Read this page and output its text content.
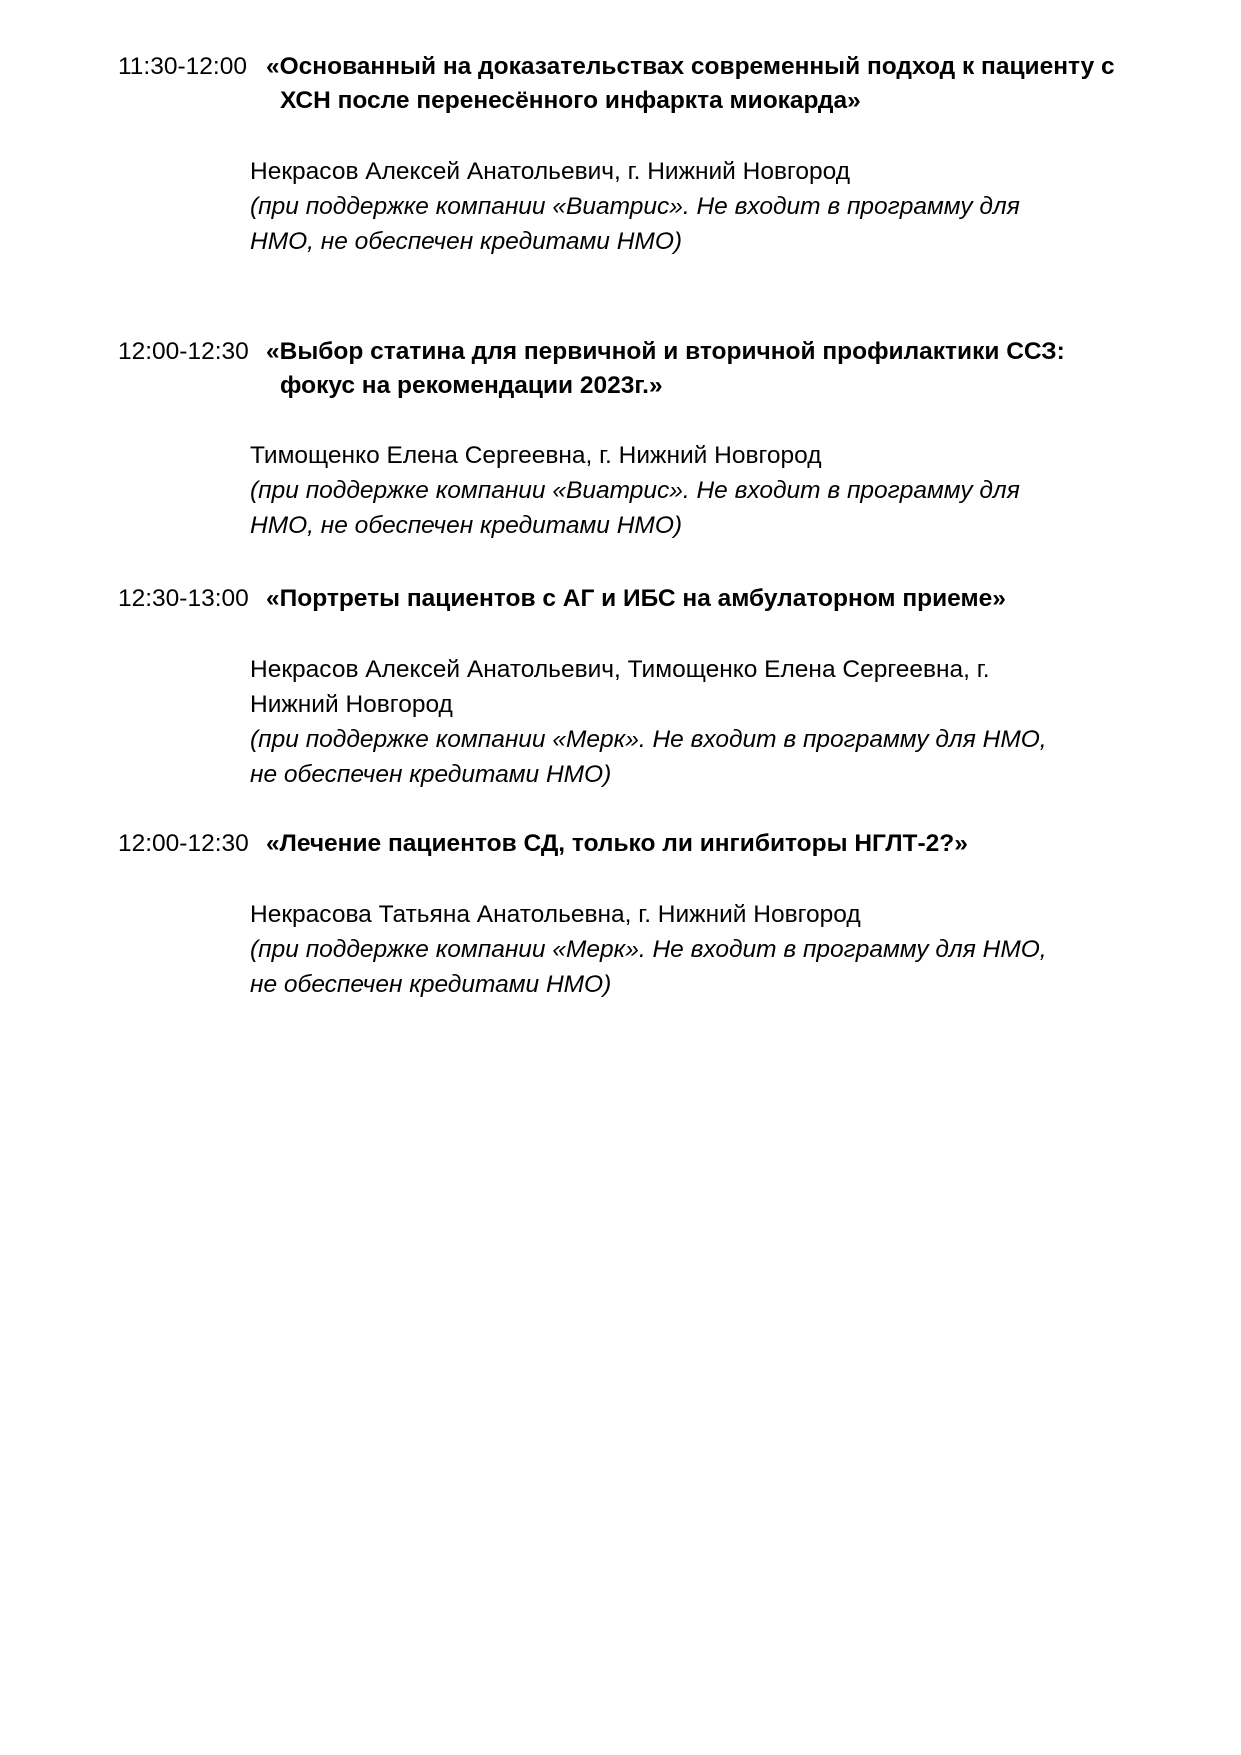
11:30-12:00 «Основанный на доказательствах современный подход к пациенту с
ХСН после перенесённого инфаркта миокарда»
Некрасов Алексей Анатольевич, г. Нижний Новгород
(при поддержке компании «Виатрис». Не входит в программу для
НМО, не обеспечен кредитами НМО)
12:00-12:30 «Выбор статина для первичной и вторичной профилактики ССЗ:
фокус на рекомендации 2023г.»
Тимощенко Елена Сергеевна, г. Нижний Новгород
(при поддержке компании «Виатрис». Не входит в программу для
НМО, не обеспечен кредитами НМО)
12:30-13:00 «Портреты пациентов с АГ и ИБС на амбулаторном приеме»
Некрасов Алексей Анатольевич, Тимощенко Елена Сергеевна, г.
Нижний Новгород
(при поддержке компании «Мерк». Не входит в программу для НМО,
не обеспечен кредитами НМО)
12:00-12:30 «Лечение пациентов СД, только ли ингибиторы НГЛТ-2?»
Некрасова Татьяна Анатольевна, г. Нижний Новгород
(при поддержке компании «Мерк». Не входит в программу для НМО,
не обеспечен кредитами НМО)
